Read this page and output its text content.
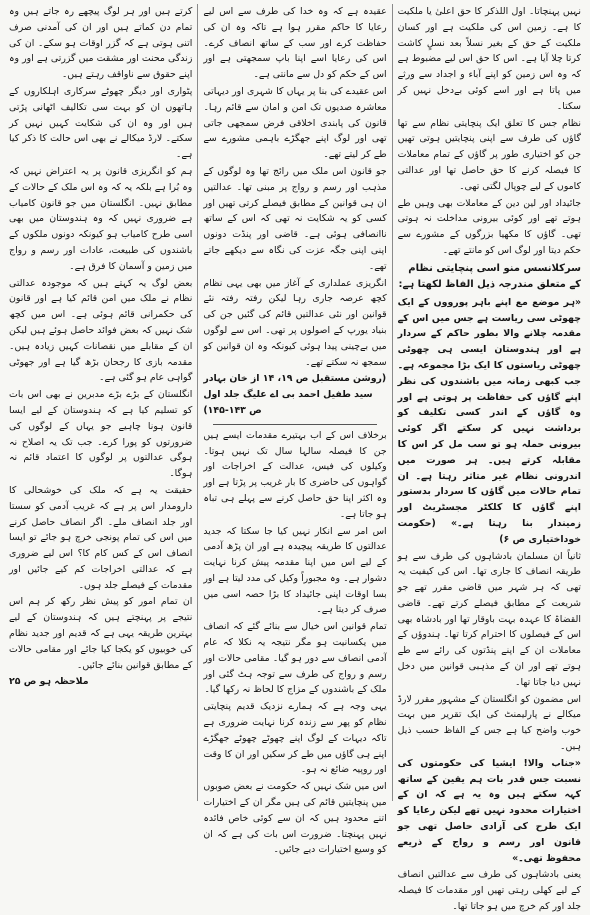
نہیں پہنچاتا۔ اول اللذکر کا حق اعلیٰ یا ملکیت کا ہے۔ زمین اس کی ملکیت ہے اور کسان ملکیت کے حق کے بغیر نسلاً بعد نسلٍ کاشت کرتا چلا آیا ہے۔ اس کا حق اس لیے مضبوط ہے کہ وہ اس زمین کو اپنے آباء و اجداد سے ورثے میں پاتا ہے اور اسے کوئی بےدخل نہیں کر سکتا۔

نظام جس کا تعلق ایک پنچایتی نظام سے تھا گاؤں کی طرف سے اپنی پنچایتیں ہوتی تھیں جن کو اختیاری طور پر گاؤں کے تمام معاملات کا فیصلہ کرنے کا حق حاصل تھا اور عدالتی کاموں کے لیے چوپال لگتی تھی۔

جائیداد اور لین دین کے معاملات بھی وہیں طے ہوتے تھے اور کوئی بیرونی مداخلت نہ ہوتی تھی۔ گاؤں کا مکھیا بزرگوں کے مشورے سے حکم دیتا اور لوگ اس کو مانتے تھے۔

سرکلانسس منو اسی پنچایتی نظام کے متعلق مندرجہ ذیل الفاظ لکھتا ہے:

«ہر موضع مع اپنے باہر پورووں کے ایک چھوٹی سی ریاست ہے جس میں اس کے مقدمہ چلانے والا بطور حاکم کے سردار ہے اور ہندوستان ایسی ہی چھوٹی چھوٹی ریاستوں کا ایک بڑا مجموعہ ہے۔ جب کبھی زمانہ میں باشندوں کی نظر اپنے گاؤں کی حفاظت پر ہوتی ہے اور وہ گاؤں کے اندر کسی تکلیف کو برداشت نہیں کر سکتے اگر کوئی بیرونی حملہ ہو تو سب مل کر اس کا مقابلہ کرتے ہیں۔ ہر صورت میں اندرونی نظام غیر متاثر رہتا ہے۔ ان تمام حالات میں گاؤں کا سردار بدستور اپنے گاؤں کا کلکٹر مجسٹریٹ اور زمیندار بنا رہتا ہے۔» (حکومت خوداختیاری ص ۶)

ثانیاً ان مسلمان بادشاہوں کی طرف سے ہو طریقہ انصاف کا جاری تھا۔ اس کی کیفیت یہ تھی کہ ہر شہر میں قاضی مقرر تھے جو شریعت کے مطابق فیصلے کرتے تھے۔ قاضی القضاۃ کا عہدہ بہت باوقار تھا اور بادشاہ بھی اس کے فیصلوں کا احترام کرتا تھا۔ ہندوؤں کے معاملات ان کے اپنے پنڈتوں کی رائے سے طے ہوتے تھے اور ان کے مذہبی قوانین میں دخل نہیں دیا جاتا تھا۔

اس مضمون کو انگلستان کے مشہور مقرر لارڈ میکالے نے پارلیمنٹ کی ایک تقریر میں بہت خوب واضح کیا ہے جس کے الفاظ حسب ذیل ہیں۔

«جناب والا! ایشیا کی حکومتوں کی نسبت جس قدر بات ہم یقین کے ساتھ کہہ سکتے ہیں وہ یہ ہے کہ ان کے اختیارات محدود نہیں تھے لیکن رعایا کو ایک طرح کی آزادی حاصل تھی جو قانون اور رسم و رواج کے ذریعے محفوظ تھی۔»

یعنی بادشاہوں کی طرف سے عدالتیں انصاف کے لیے کھلی رہتی تھیں اور مقدمات کا فیصلہ جلد اور کم خرچ میں ہو جاتا تھا۔

عقیدہ ہے کہ وہ خدا کی طرف سے اس لیے رعایا کا حاکم مقرر ہوا ہے تاکہ وہ ان کی حفاظت کرے اور سب کے ساتھ انصاف کرے۔ اس کی رعایا اسے اپنا باپ سمجھتی ہے اور اس کے حکم کو دل سے مانتی ہے۔

اس عقیدے کی بنا پر یہاں کا شہری اور دیہاتی معاشرہ صدیوں تک امن و امان سے قائم رہا۔ قانون کی پابندی اخلاقی فرض سمجھی جاتی تھی اور لوگ اپنے جھگڑے باہمی مشورے سے طے کر لیتے تھے۔

جو قانون اس ملک میں رائج تھا وہ لوگوں کے مذہب اور رسم و رواج پر مبنی تھا۔ عدالتیں ان ہی قوانین کے مطابق فیصلے کرتی تھیں اور کسی کو یہ شکایت نہ تھی کہ اس کے ساتھ ناانصافی ہوئی ہے۔ قاضی اور پنڈت دونوں اپنی اپنی جگہ عزت کی نگاہ سے دیکھے جاتے تھے۔

انگریزی عملداری کے آغاز میں بھی یہی نظام کچھ عرصہ جاری رہا لیکن رفتہ رفتہ نئے قوانین اور نئی عدالتیں قائم کی گئیں جن کی بنیاد یورپ کے اصولوں پر تھی۔ اس سے لوگوں میں بےچینی پیدا ہوئی کیونکہ وہ ان قوانین کو سمجھ نہ سکتے تھے۔

(روشن مستقبل ص ۱۹، ۱۴ از خان بہادر سید طفیل احمد بی اے علیگ جلد اول ص ۱۴۳-۱۴۵)

برخلاف اس کے اب بہتیرے مقدمات ایسے ہیں جن کا فیصلہ سالہا سال تک نہیں ہوتا۔ وکیلوں کی فیس، عدالت کے اخراجات اور گواہوں کی حاضری کا بار غریب پر پڑتا ہے اور وہ اکثر اپنا حق حاصل کرنے سے پہلے ہی تباہ ہو جاتا ہے۔

اس امر سے انکار نہیں کیا جا سکتا کہ جدید عدالتوں کا طریقہ پیچیدہ ہے اور ان پڑھ آدمی کے لیے اس میں اپنا مقدمہ پیش کرنا نہایت دشوار ہے۔ وہ مجبوراً وکیل کی مدد لیتا ہے اور بسا اوقات اپنی جائیداد کا بڑا حصہ اسی میں صرف کر دیتا ہے۔

تمام قوانین اس خیال سے بنائے گئے کہ انصاف میں یکسانیت ہو مگر نتیجہ یہ نکلا کہ عام آدمی انصاف سے دور ہو گیا۔ مقامی حالات اور رسم و رواج کی طرف سے توجہ ہٹ گئی اور ملک کے باشندوں کے مزاج کا لحاظ نہ رکھا گیا۔

یہی وجہ ہے کہ ہمارے نزدیک قدیم پنچایتی نظام کو پھر سے زندہ کرنا نہایت ضروری ہے تاکہ دیہات کے لوگ اپنے چھوٹے چھوٹے جھگڑے اپنے ہی گاؤں میں طے کر سکیں اور ان کا وقت اور روپیہ ضائع نہ ہو۔

اس میں شک نہیں کہ حکومت نے بعض صوبوں میں پنچایتیں قائم کی ہیں مگر ان کے اختیارات اتنے محدود ہیں کہ ان سے کوئی خاص فائدہ نہیں پہنچتا۔ ضرورت اس بات کی ہے کہ ان کو وسیع اختیارات دیے جائیں۔

کرتے ہیں اور ہر لوگ پیچھے رہ جاتے ہیں وہ تمام دن کماتے ہیں اور ان کی آمدنی صرف اتنی ہوتی ہے کہ گزر اوقات ہو سکے۔ ان کی زندگی محنت اور مشقت میں گزرتی ہے اور وہ اپنے حقوق سے ناواقف رہتے ہیں۔

پٹواری اور دیگر چھوٹے سرکاری اہلکاروں کے ہاتھوں ان کو بہت سی تکالیف اٹھانی پڑتی ہیں اور وہ ان کی شکایت کہیں نہیں کر سکتے۔ لارڈ میکالے نے بھی اس حالت کا ذکر کیا ہے۔

ہم کو انگریزی قانون پر یہ اعتراض نہیں کہ وہ بُرا ہے بلکہ یہ کہ وہ اس ملک کے حالات کے مطابق نہیں۔ انگلستان میں جو قانون کامیاب ہے ضروری نہیں کہ وہ ہندوستان میں بھی اسی طرح کامیاب ہو کیونکہ دونوں ملکوں کے باشندوں کی طبیعت، عادات اور رسم و رواج میں زمین و آسمان کا فرق ہے۔

بعض لوگ یہ کہتے ہیں کہ موجودہ عدالتی نظام نے ملک میں امن قائم کیا ہے اور قانون کی حکمرانی قائم ہوئی ہے۔ اس میں کچھ شک نہیں کہ بعض فوائد حاصل ہوئے ہیں لیکن ان کے مقابلے میں نقصانات کہیں زیادہ ہیں۔ مقدمہ بازی کا رجحان بڑھ گیا ہے اور جھوٹی گواہی عام ہو گئی ہے۔

انگلستان کے بڑے بڑے مدبرین نے بھی اس بات کو تسلیم کیا ہے کہ ہندوستان کے لیے ایسا قانون ہونا چاہیے جو یہاں کے لوگوں کی ضرورتوں کو پورا کرے۔ جب تک یہ اصلاح نہ ہوگی عدالتوں پر لوگوں کا اعتماد قائم نہ ہوگا۔

حقیقت یہ ہے کہ ملک کی خوشحالی کا دارومدار اس پر ہے کہ غریب آدمی کو سستا اور جلد انصاف ملے۔ اگر انصاف حاصل کرنے میں اس کی تمام پونجی خرچ ہو جائے تو ایسا انصاف اس کے کس کام کا؟ اس لیے ضروری ہے کہ عدالتی اخراجات کم کیے جائیں اور مقدمات کے فیصلے جلد ہوں۔

ان تمام امور کو پیش نظر رکھ کر ہم اس نتیجے پر پہنچتے ہیں کہ ہندوستان کے لیے بہترین طریقہ یہی ہے کہ قدیم اور جدید نظام کی خوبیوں کو یکجا کیا جائے اور مقامی حالات کے مطابق قوانین بنائے جائیں۔

ملاحظہ ہو ص ۲۵
